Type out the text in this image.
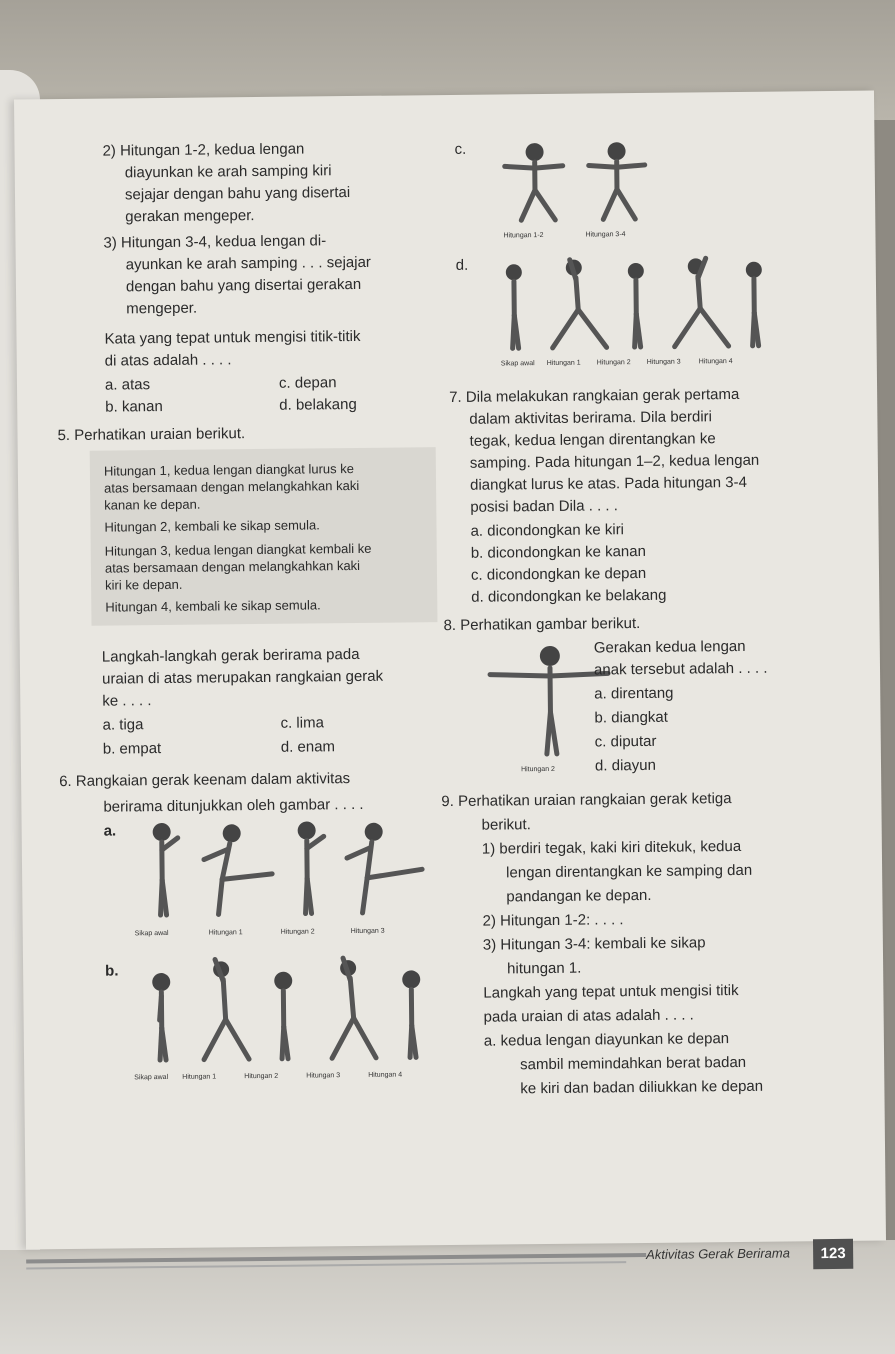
2) Hitungan 1-2, kedua lengan
diayunkan ke arah samping kiri
sejajar dengan bahu yang disertai
gerakan mengeper.
3) Hitungan 3-4, kedua lengan di-
ayunkan ke arah samping . . . sejajar
dengan bahu yang disertai gerakan
mengeper.
Kata yang tepat untuk mengisi titik-titik
di atas adalah . . . .
a. atas
b. kanan
c. depan
d. belakang
5. Perhatikan uraian berikut.
Hitungan 1, kedua lengan diangkat lurus ke
atas bersamaan dengan melangkahkan kaki
kanan ke depan.
Hitungan 2, kembali ke sikap semula.
Hitungan 3, kedua lengan diangkat kembali ke
atas bersamaan dengan melangkahkan kaki
kiri ke depan.
Hitungan 4, kembali ke sikap semula.
Langkah-langkah gerak berirama pada
uraian di atas merupakan rangkaian gerak
ke . . . .
a. tiga
b. empat
c. lima
d. enam
6. Rangkaian gerak keenam dalam aktivitas
berirama ditunjukkan oleh gambar . . . .
a.
b.
Sikap awal	Hitungan 1	Hitungan 2	Hitungan 3
Sikap awal Hitungan 1	Hitungan 2	Hitungan 3	Hitungan 4
c.
Hitungan 1-2	Hitungan 3-4
d.
Sikap awal Hitungan 1 Hitungan 2 Hitungan 3	Hitungan 4
7. Dila melakukan rangkaian gerak pertama
dalam aktivitas berirama. Dila berdiri
tegak, kedua lengan direntangkan ke
samping. Pada hitungan 1–2, kedua lengan
diangkat lurus ke atas. Pada hitungan 3-4
posisi badan Dila . . . .
a. dicondongkan ke kiri
b. dicondongkan ke kanan
c. dicondongkan ke depan
d. dicondongkan ke belakang
8. Perhatikan gambar berikut.
Hitungan 2
Gerakan kedua lengan
anak tersebut adalah . . . .
a. direntang
b. diangkat
c. diputar
d. diayun
9. Perhatikan uraian rangkaian gerak ketiga
berikut.
1) berdiri tegak, kaki kiri ditekuk, kedua
lengan direntangkan ke samping dan
pandangan ke depan.
2) Hitungan 1-2: . . . .
3) Hitungan 3-4: kembali ke sikap
hitungan 1.
Langkah yang tepat untuk mengisi titik
pada uraian di atas adalah . . . .
a. kedua lengan diayunkan ke depan
sambil memindahkan berat badan
ke kiri dan badan diliukkan ke depan
Aktivitas Gerak Berirama	123
